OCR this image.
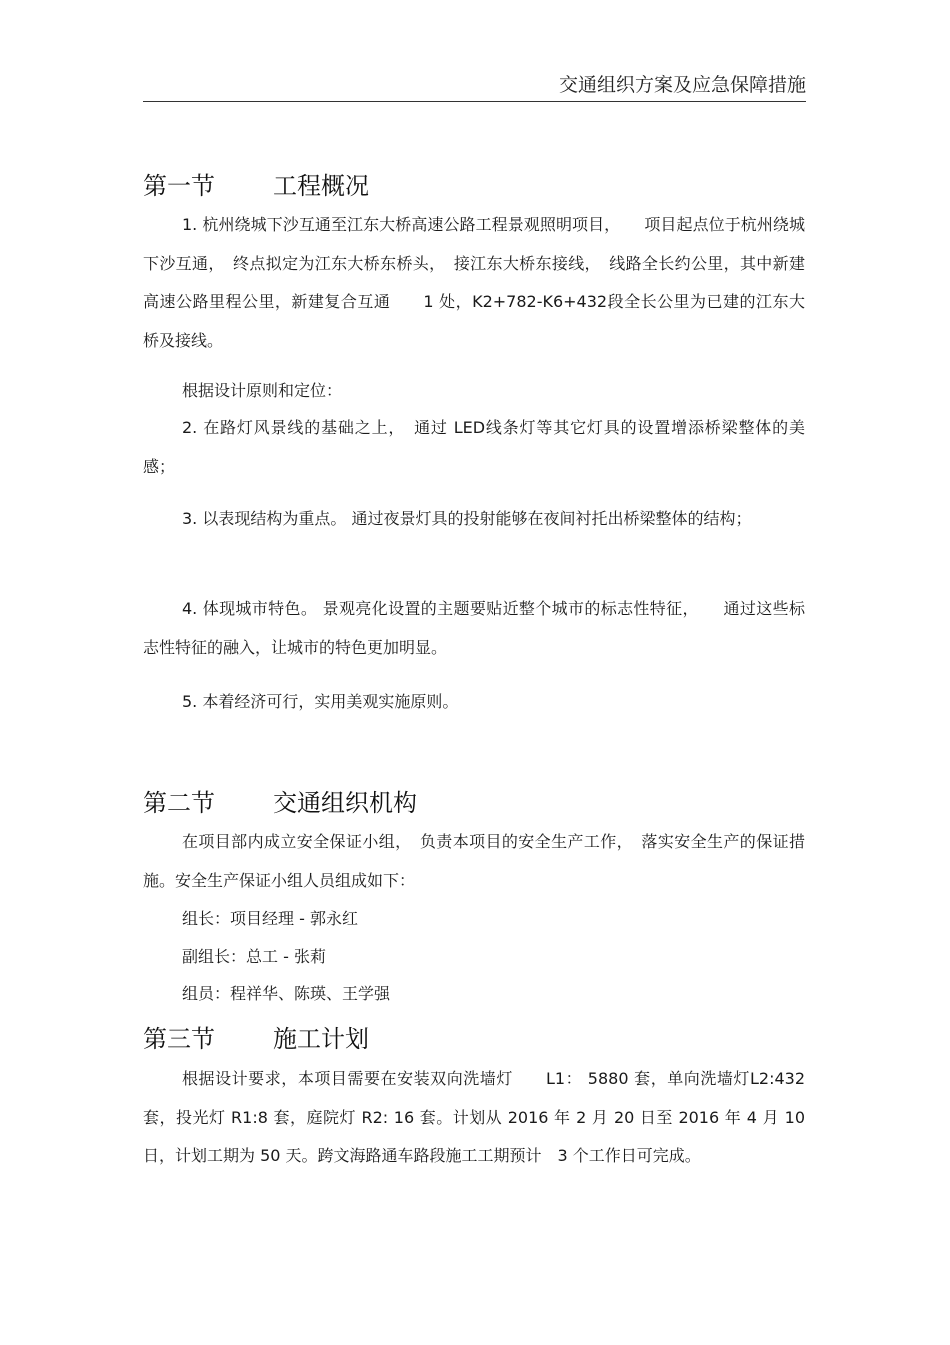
交通组织方案及应急保障措施
第一节 工程概况

1. 杭州绕城下沙互通至江东大桥高速公路工程景观照明项目，　　项目起点位于杭州绕城下沙互通，　终点拟定为江东大桥东桥头，　接江东大桥东接线，　线路全长约公里，其中新建高速公路里程公里，新建复合互通　　1 处，K2+782-K6+432段全长公里为已建的江东大桥及接线。

根据设计原则和定位：

2. 在路灯风景线的基础之上，　通过 LED线条灯等其它灯具的设置增添桥梁整体的美感；

3. 以表现结构为重点。 通过夜景灯具的投射能够在夜间衬托出桥梁整体的结构；

4. 体现城市特色。 景观亮化设置的主题要贴近整个城市的标志性特征，　　通过这些标志性特征的融入，让城市的特色更加明显。

5. 本着经济可行，实用美观实施原则。

第二节 交通组织机构

在项目部内成立安全保证小组，　负责本项目的安全生产工作，　落实安全生产的保证措施。安全生产保证小组人员组成如下：

组长：项目经理 - 郭永红
副组长：总工 - 张莉
组员：程祥华、陈瑛、王学强
第三节 施工计划

根据设计要求，本项目需要在安装双向洗墙灯　　L1： 5880 套，单向洗墙灯L2:432 套，投光灯 R1:8 套，庭院灯 R2: 16 套。计划从 2016 年 2 月 20 日至 2016 年 4 月 10 日，计划工期为 50 天。跨文海路通车路段施工工期预计　3 个工作日可完成。
